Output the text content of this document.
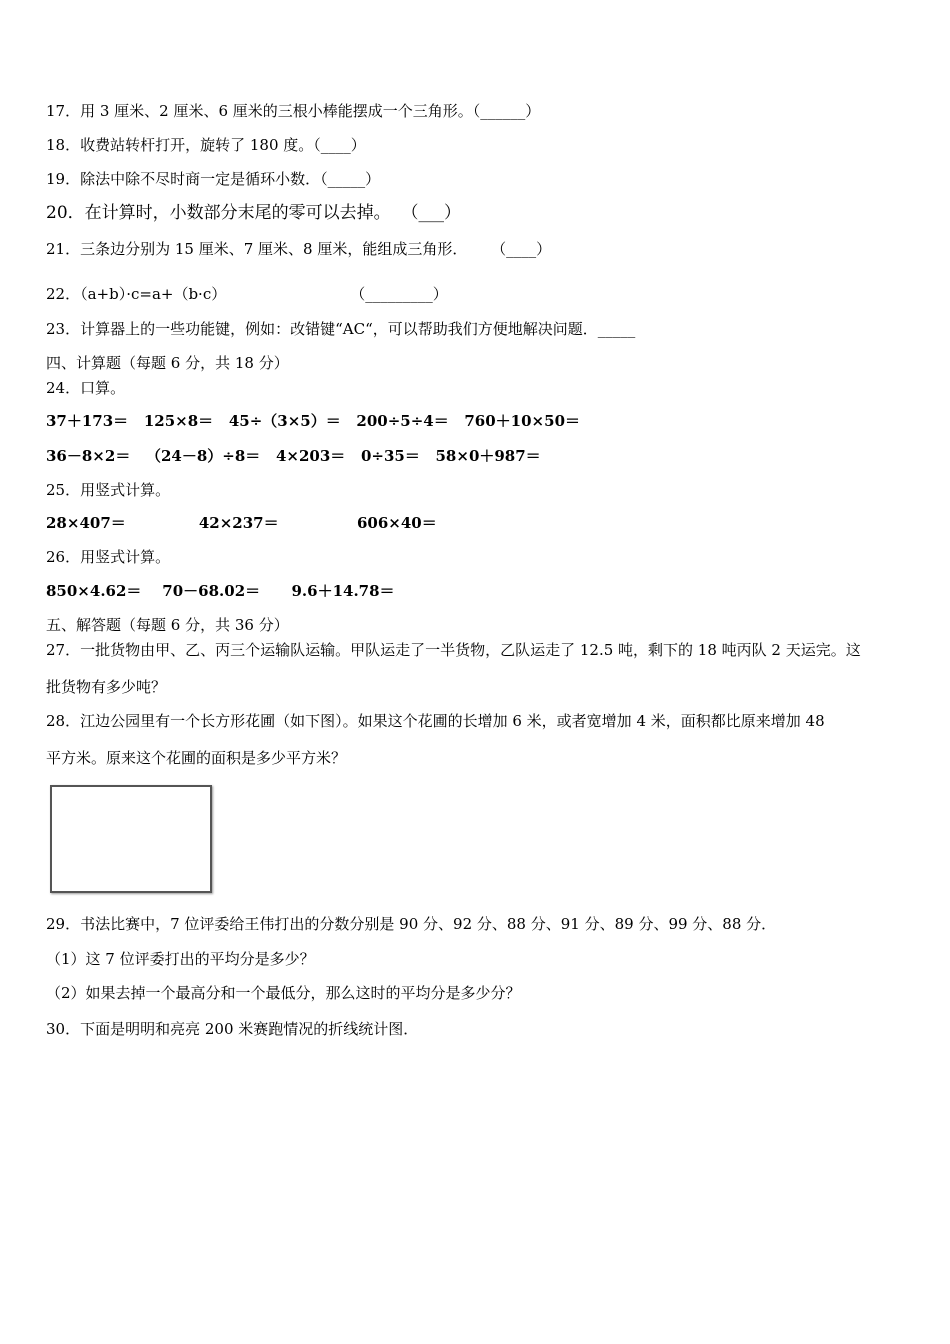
17．用 3 厘米、2 厘米、6 厘米的三根小棒能摆成一个三角形。（______）
18．收费站转杆打开，旋转了 180 度。（____）
19．除法中除不尽时商一定是循环小数．（_____）
20．在计算时，小数部分末尾的零可以去掉。  （___）
21．三条边分别为 15 厘米、7 厘米、8 厘米，能组成三角形．     （____）
22．（a+b）·c=a+（b·c）                          （_________）
23．计算器上的一些功能键，例如：改错键“AC“，可以帮助我们方便地解决问题．_____
四、计算题（每题 6 分，共 18 分）
24．口算。
37＋173＝   125×8＝   45÷（3×5）＝   200÷5÷4＝   760＋10×50＝
36－8×2＝   （24－8）÷8＝   4×203＝   0÷35＝   58×0＋987＝
25．用竖式计算。
28×407＝              42×237＝               606×40＝
26．用竖式计算。
850×4.62＝    70－68.02＝      9.6＋14.78＝
五、解答题（每题 6 分，共 36 分）
27．一批货物由甲、乙、丙三个运输队运输。甲队运走了一半货物，乙队运走了 12.5 吨，剩下的 18 吨丙队 2 天运完。这
批货物有多少吨？
28．江边公园里有一个长方形花圃（如下图）。如果这个花圃的长增加 6 米，或者宽增加 4 米，面积都比原来增加 48
平方米。原来这个花圃的面积是多少平方米？
29．书法比赛中，7 位评委给王伟打出的分数分别是 90 分、92 分、88 分、91 分、89 分、99 分、88 分．
（1）这 7 位评委打出的平均分是多少？
（2）如果去掉一个最高分和一个最低分，那么这时的平均分是多少分？
30．下面是明明和亮亮 200 米赛跑情况的折线统计图．
